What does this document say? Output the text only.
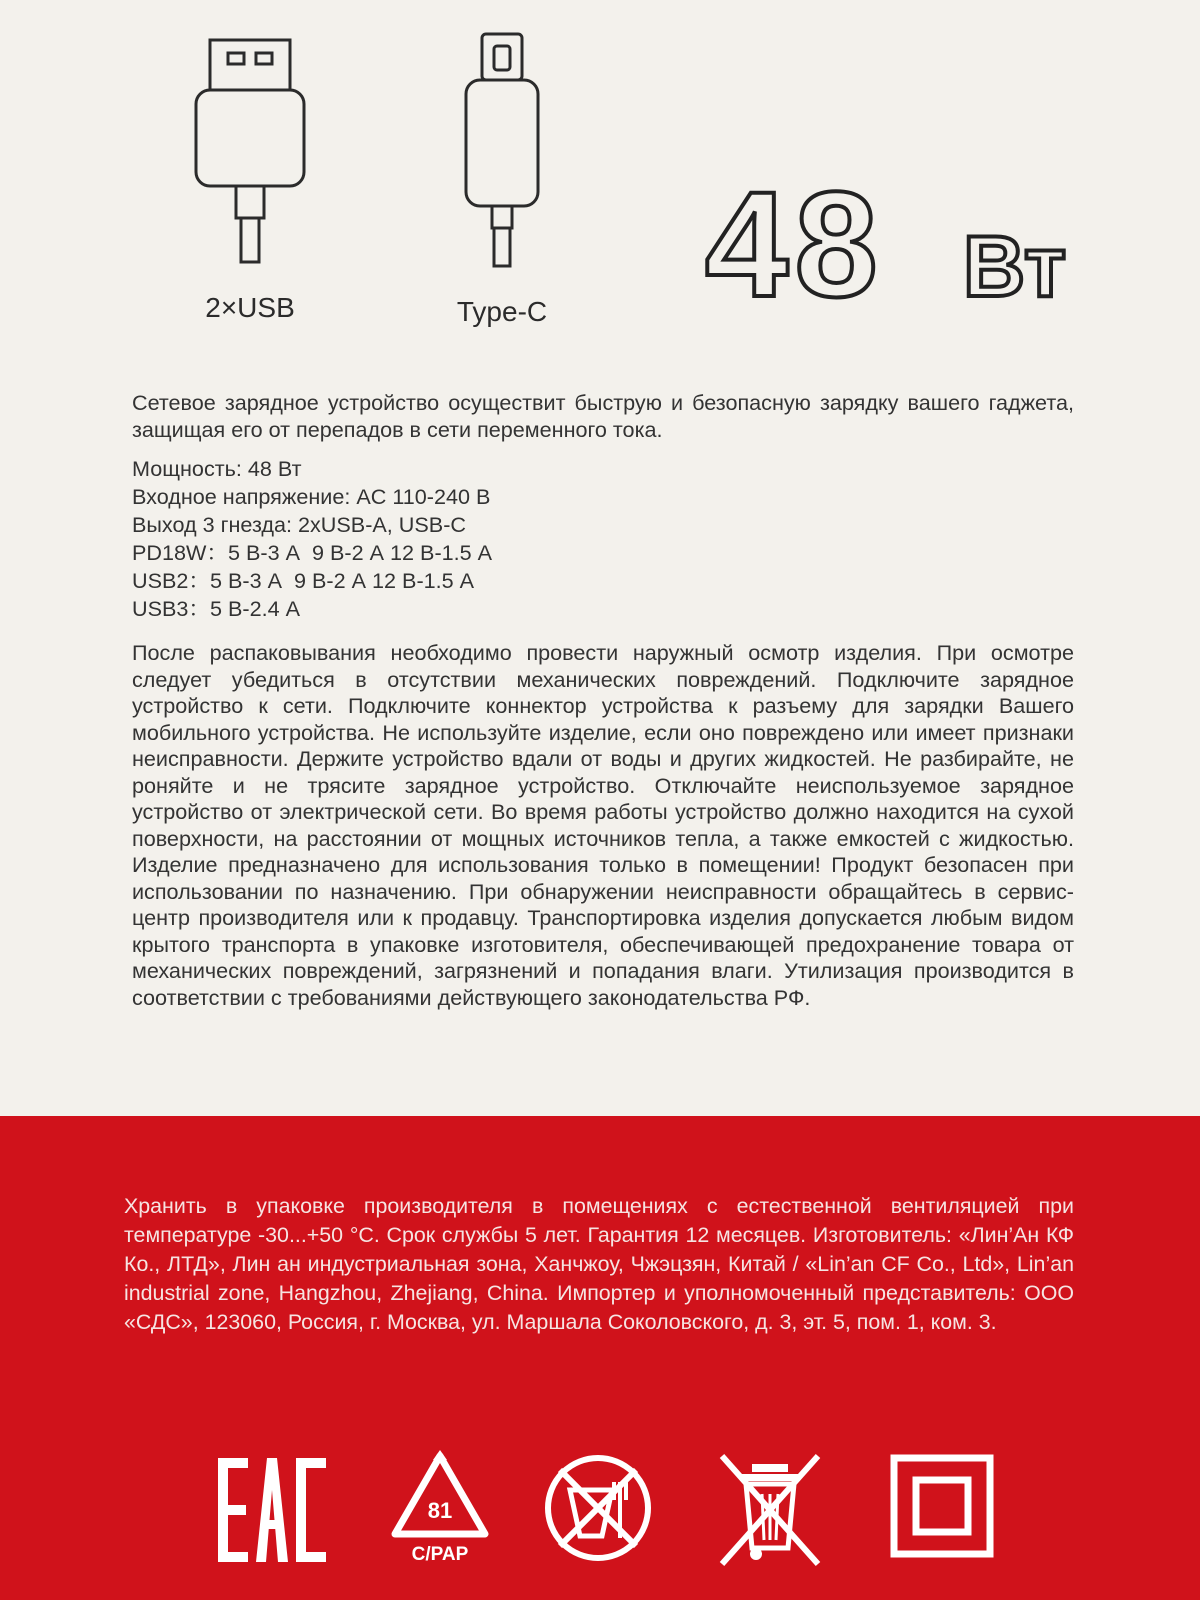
2×USB	Type-C 48 Вт
Сетевое зарядное устройство осуществит быструю и безопасную зарядку вашего гаджета, защищая его от перепадов в сети переменного тока.
Мощность: 48 Вт
Входное напряжение: AC 110-240 В
Выход 3 гнезда: 2xUSB-A, USB-C
PD18W：5 В-3 А  9 В-2 А 12 В-1.5 А
USB2：5 В-3 А  9 В-2 А 12 В-1.5 А
USB3：5 В-2.4 А
После распаковывания необходимо провести наружный осмотр изделия. При осмотре следует убедиться в отсутствии механических повреждений. Подключите зарядное устройство к сети. Подключите коннектор устройства к разъему для зарядки Вашего мобильного устройства. Не используйте изделие, если оно повреждено или имеет признаки неисправности. Держите устройство вдали от воды и других жидкостей. Не разбирайте, не роняйте и не трясите зарядное устройство. Отключайте неиспользуемое зарядное устройство от электрической сети. Во время работы устройство должно находится на сухой поверхности, на расстоянии от мощных источников тепла, а также емкостей с жидкостью. Изделие предназначено для использования только в помещении! Продукт безопасен при использовании по назначению. При обнаружении неисправности обращайтесь в сервис-центр производителя или к продавцу. Транспортировка изделия допускается любым видом крытого транспорта в упаковке изготовителя, обеспечивающей предохранение товара от механических повреждений, загрязнений и попадания влаги. Утилизация производится в соответствии с требованиями действующего законодательства РФ.
Хранить в упаковке производителя в помещениях с естественной вентиляцией при температуре -30...+50 °С. Срок службы 5 лет. Гарантия 12 месяцев. Изготовитель: «Лин’Ан КФ Ко., ЛТД», Лин ан индустриальная зона, Ханчжоу, Чжэцзян, Китай / «Lin’an CF Co., Ltd», Lin’an industrial zone, Hangzhou, Zhejiang, China. Импортер и уполномоченный представитель: ООО «СДС», 123060, Россия, г. Москва, ул. Маршала Соколовского, д. 3, эт. 5, пом. 1, ком. 3.
81
C/PAP
